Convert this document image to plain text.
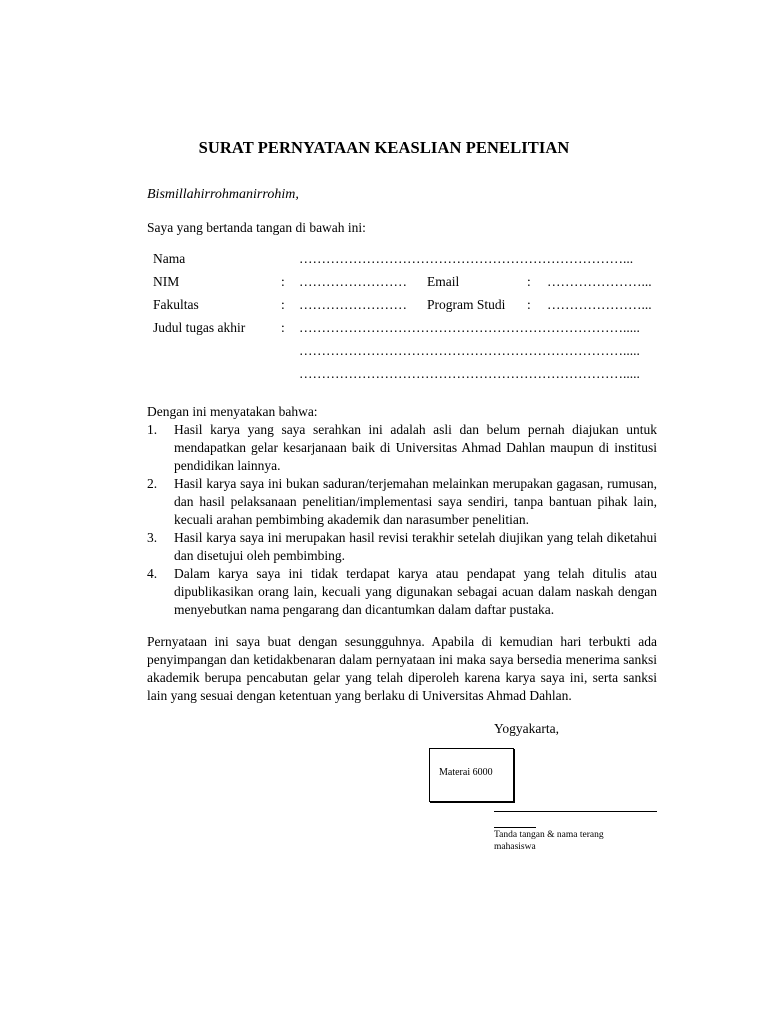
SURAT PERNYATAAN KEASLIAN PENELITIAN
Bismillahirrohmanirrohim,
Saya yang bertanda tangan di bawah ini:
Nama	………………………………………………………………...
NIM	: …………………… Email	: …………………...
Fakultas	: …………………… Program Studi : …………………...
Judul tugas akhir	: ……………………………………………………………….....
……………………………………………………………….....
……………………………………………………………….....
Dengan ini menyatakan bahwa:
1. Hasil karya yang saya serahkan ini adalah asli dan belum pernah diajukan untuk mendapatkan gelar kesarjanaan baik di Universitas Ahmad Dahlan maupun di institusi pendidikan lainnya.
2. Hasil karya saya ini bukan saduran/terjemahan melainkan merupakan gagasan, rumusan, dan hasil pelaksanaan penelitian/implementasi saya sendiri, tanpa bantuan pihak lain, kecuali arahan pembimbing akademik dan narasumber penelitian.
3. Hasil karya saya ini merupakan hasil revisi terakhir setelah diujikan yang telah diketahui dan disetujui oleh pembimbing.
4. Dalam karya saya ini tidak terdapat karya atau pendapat yang telah ditulis atau dipublikasikan orang lain, kecuali yang digunakan sebagai acuan dalam naskah dengan menyebutkan nama pengarang dan dicantumkan dalam daftar pustaka.

Pernyataan ini saya buat dengan sesungguhnya. Apabila di kemudian hari terbukti ada penyimpangan dan ketidakbenaran dalam pernyataan ini maka saya bersedia menerima sanksi akademik berupa pencabutan gelar yang telah diperoleh karena karya saya ini, serta sanksi lain yang sesuai dengan ketentuan yang berlaku di Universitas Ahmad Dahlan.

Yogyakarta,
Materai 6000
Tanda tangan & nama terang mahasiswa
